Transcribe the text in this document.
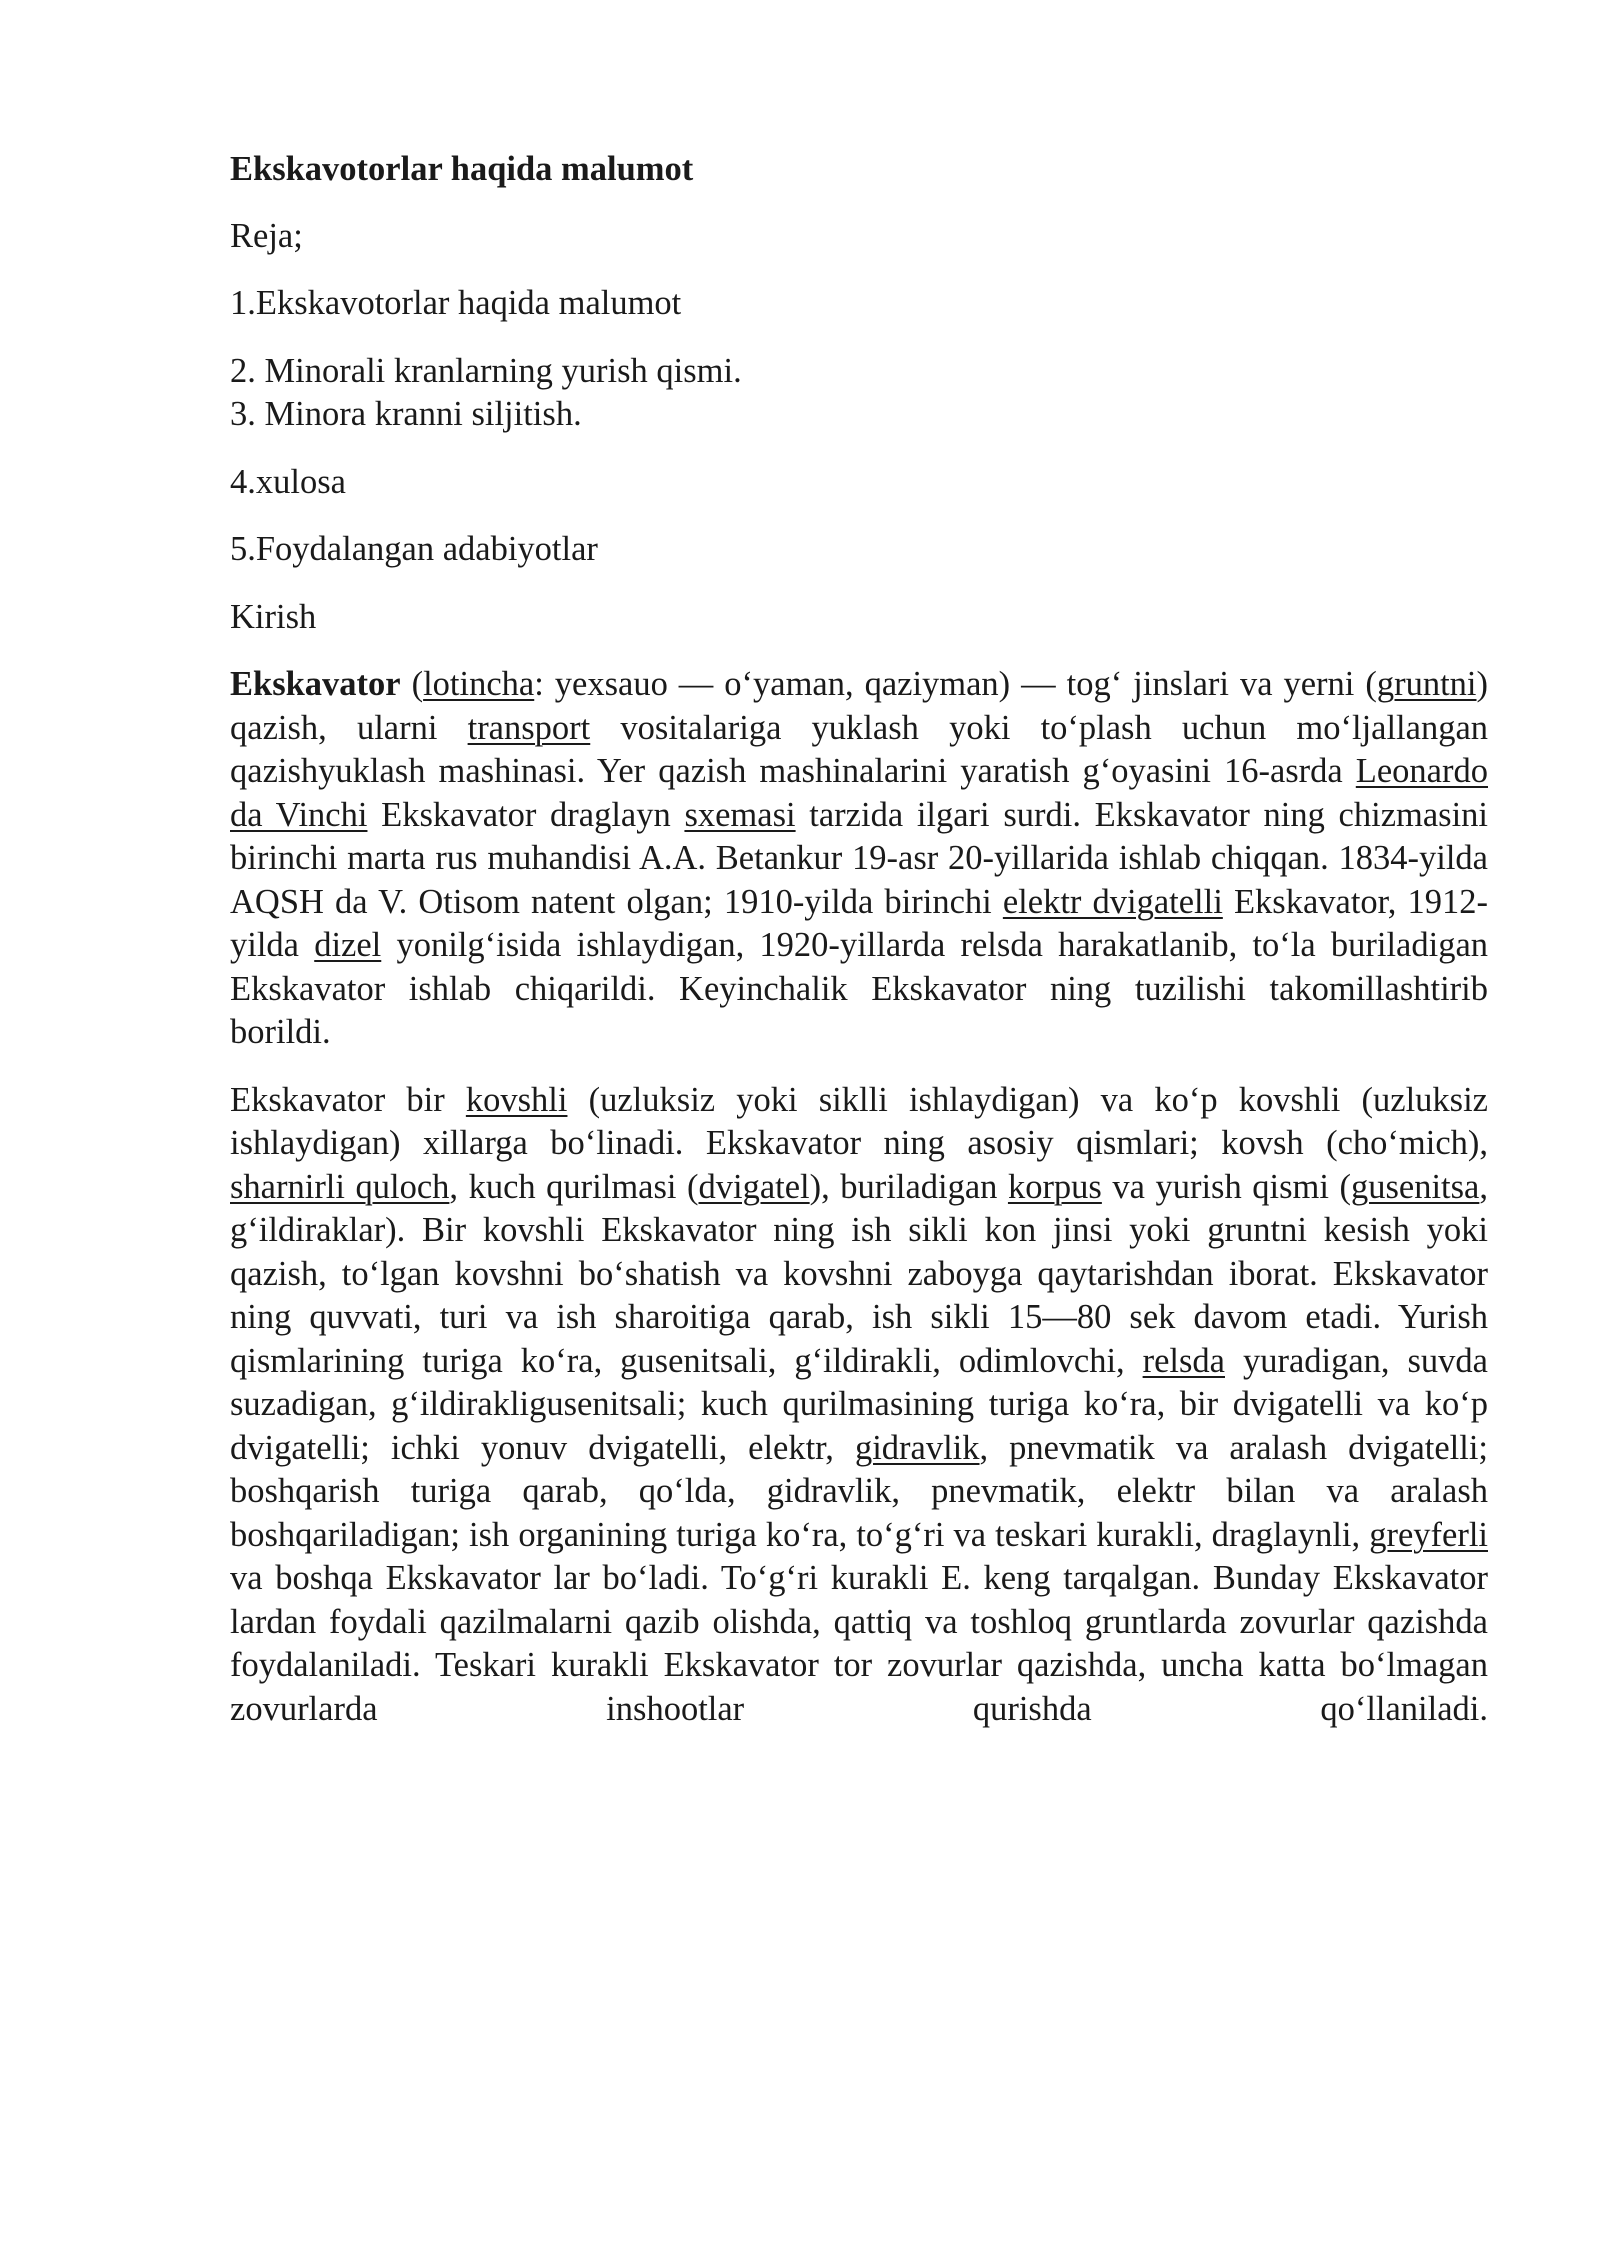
Ekskavotorlar haqida malumot
Reja;
1.Ekskavotorlar haqida malumot
2. Minorali kranlarning yurish qismi.
3. Minora kranni siljitish.
4.xulosa
5.Foydalangan adabiyotlar
Kirish

Ekskavator (lotincha: yexsauo — o‘yaman, qaziyman) — tog‘ jinslari va yerni (gruntni) qazish, ularni transport vositalariga yuklash yoki to‘plash uchun mo‘ljallangan qazishyuklash mashinasi. Yer qazish mashinalarini yaratish g‘oyasini 16-asrda Leonardo da Vinchi Ekskavator draglayn sxemasi tarzida ilgari surdi. Ekskavator ning chizmasini birinchi marta rus muhandisi A.A. Betankur 19-asr 20-yillarida ishlab chiqqan. 1834-yilda AQSH da V. Otisom natent olgan; 1910-yilda birinchi elektr dvigatelli Ekskavator, 1912-yilda dizel yonilg‘isida ishlaydigan, 1920-yillarda relsda harakatlanib, to‘la buriladigan Ekskavator ishlab chiqarildi. Keyinchalik Ekskavator ning tuzilishi takomillashtirib borildi.

Ekskavator bir kovshli (uzluksiz yoki siklli ishlaydigan) va ko‘p kovshli (uzluksiz ishlaydigan) xillarga bo‘linadi. Ekskavator ning asosiy qismlari; kovsh (cho‘mich), sharnirli quloch, kuch qurilmasi (dvigatel), buriladigan korpus va yurish qismi (gusenitsa, g‘ildiraklar). Bir kovshli Ekskavator ning ish sikli kon jinsi yoki gruntni kesish yoki qazish, to‘lgan kovshni bo‘shatish va kovshni zaboyga qaytarishdan iborat. Ekskavator ning quvvati, turi va ish sharoitiga qarab, ish sikli 15—80 sek davom etadi. Yurish qismlarining turiga ko‘ra, gusenitsali, g‘ildirakli, odimlovchi, relsda yuradigan, suvda suzadigan, g‘ildirakligusenitsali; kuch qurilmasining turiga ko‘ra, bir dvigatelli va ko‘p dvigatelli; ichki yonuv dvigatelli, elektr, gidravlik, pnevmatik va aralash dvigatelli; boshqarish turiga qarab, qo‘lda, gidravlik, pnevmatik, elektr bilan va aralash boshqariladigan; ish organining turiga ko‘ra, to‘g‘ri va teskari kurakli, draglaynli, greyferli va boshqa Ekskavator lar bo‘ladi. To‘g‘ri kurakli E. keng tarqalgan. Bunday Ekskavator lardan foydali qazilmalarni qazib olishda, qattiq va toshloq gruntlarda zovurlar qazishda foydalaniladi. Teskari kurakli Ekskavator tor zovurlar qazishda, uncha katta bo‘lmagan zovurlarda inshootlar qurishda qo‘llaniladi.
